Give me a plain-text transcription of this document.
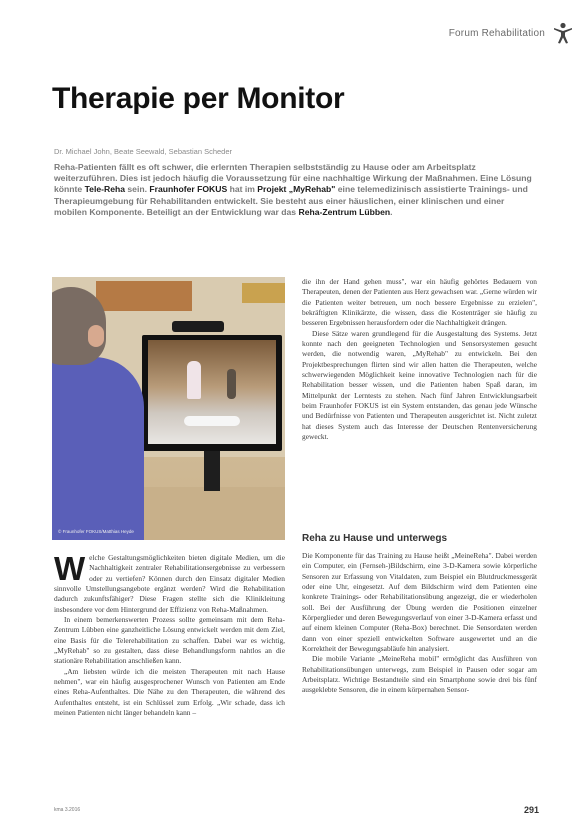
Forum Rehabilitation
Therapie per Monitor
Dr. Michael John, Beate Seewald, Sebastian Scheder

Reha-Patienten fällt es oft schwer, die erlernten Therapien selbstständig zu Hause oder am Arbeitsplatz weiterzuführen. Dies ist jedoch häufig die Voraussetzung für eine nachhaltige Wirkung der Maßnahmen. Eine Lösung könnte Tele-Reha sein. Fraunhofer FOKUS hat im Projekt „MyRehab" eine telemedizinisch assistierte Trainings- und Therapieumgebung für Rehabilitanden entwickelt. Sie besteht aus einer häuslichen, einer klinischen und einer mobilen Komponente. Beteiligt an der Entwicklung war das Reha-Zentrum Lübben.

© Fraunhofer FOKUS/Matthias Heyde

Welche Gestaltungsmöglichkeiten bieten digitale Medien, um die Nachhaltigkeit zentraler Rehabilitationsergebnisse zu verbessern oder zu vertiefen? Können durch den Einsatz digitaler Medien sinnvolle Umstellungsangebote ergänzt werden? Wird die Rehabilitation dadurch zukunftsfähiger? Diese Fragen stellte sich die Klinikleitung insbesondere vor dem Hintergrund der Effizienz von Reha-Maßnahmen.

In einem bemerkenswerten Prozess sollte gemeinsam mit dem Reha-Zentrum Lübben eine ganzheitliche Lösung entwickelt werden mit dem Ziel, eine Basis für die Telerehabilitation zu schaffen. Dabei war es wichtig, „MyRehab" so zu gestalten, dass diese Behandlungsform nahtlos an die stationäre Rehabilitation anschließen kann.

„Am liebsten würde ich die meisten Therapeuten mit nach Hause nehmen", war ein häufig ausgesprochener Wunsch von Patienten am Ende eines Reha-Aufenthaltes. Die Nähe zu den Therapeuten, die während des Aufenthaltes entsteht, ist ein Schlüssel zum Erfolg. „Wir schade, dass ich meinen Patienten nicht länger behandeln kann –

die ihn der Hand gehen muss", war ein häufig gehörtes Bedauern von Therapeuten, denen der Patienten aus Herz gewachsen war. „Gerne würden wir die Patienten weiter betreuen, um noch bessere Ergebnisse zu erzielen", bekräftigten Klinikärzte, die wissen, dass die Kostenträger sie häufig zu besseren Ergebnissen herausfordern oder die Nachhaltigkeit drängen.

Diese Sätze waren grundlegend für die Ausgestaltung des Systems. Jetzt konnte nach den geeigneten Technologien und Sensorsystemen gesucht werden, die notwendig waren, „MyRehab" zu entwickeln. Bei den Projektbesprechungen flirten sind wir allen hatten die Therapeuten, welche schwerwiegenden Möglichkeit keine innovative Technologien nach für die Rehabilitation besser wissen, und die Patienten haben Spaß daran, im Mittelpunkt der Lerntests zu stehen. Nach fünf Jahren Entwicklungsarbeit beim Fraunhofer FOKUS ist ein System entstanden, das genau jede Wünsche und Bedürfnisse von Patienten und Therapeuten ausgerichtet ist. Nicht zuletzt hat dieses System auch das Interesse der Deutschen Rentenversicherung geweckt.

Reha zu Hause und unterwegs

Die Komponente für das Training zu Hause heißt „MeineReha". Dabei werden ein Computer, ein (Fernseh-)Bildschirm, eine 3-D-Kamera sowie körperliche Sensoren zur Erfassung von Vitaldaten, zum Beispiel ein Blutdruckmessgerät oder eine Uhr, eingesetzt. Auf dem Bildschirm wird dem Patienten eine konkrete Trainings- oder Rehabilitationsübung angezeigt, die er wiederholen soll. Bei der Ausführung der Übung werden die Positionen einzelner Körperglieder und deren Bewegungsverlauf von einer 3-D-Kamera erfasst und auf einem kleinen Computer (Reha-Box) berechnet. Die Sensordaten werden dann von einer speziell entwickelten Software ausgewertet und an die Korrektheit der Bewegungsabläufe hin analysiert.

Die mobile Variante „MeineReha mobil" ermöglicht das Ausführen von Rehabilitationsübungen unterwegs, zum Beispiel in Pausen oder sogar am Arbeitsplatz. Wichtige Bestandteile sind ein Smartphone sowie drei bis fünf ausgeklebte Sensoren, die in einem körpernahen Sensor-

kma 3.2016	291
